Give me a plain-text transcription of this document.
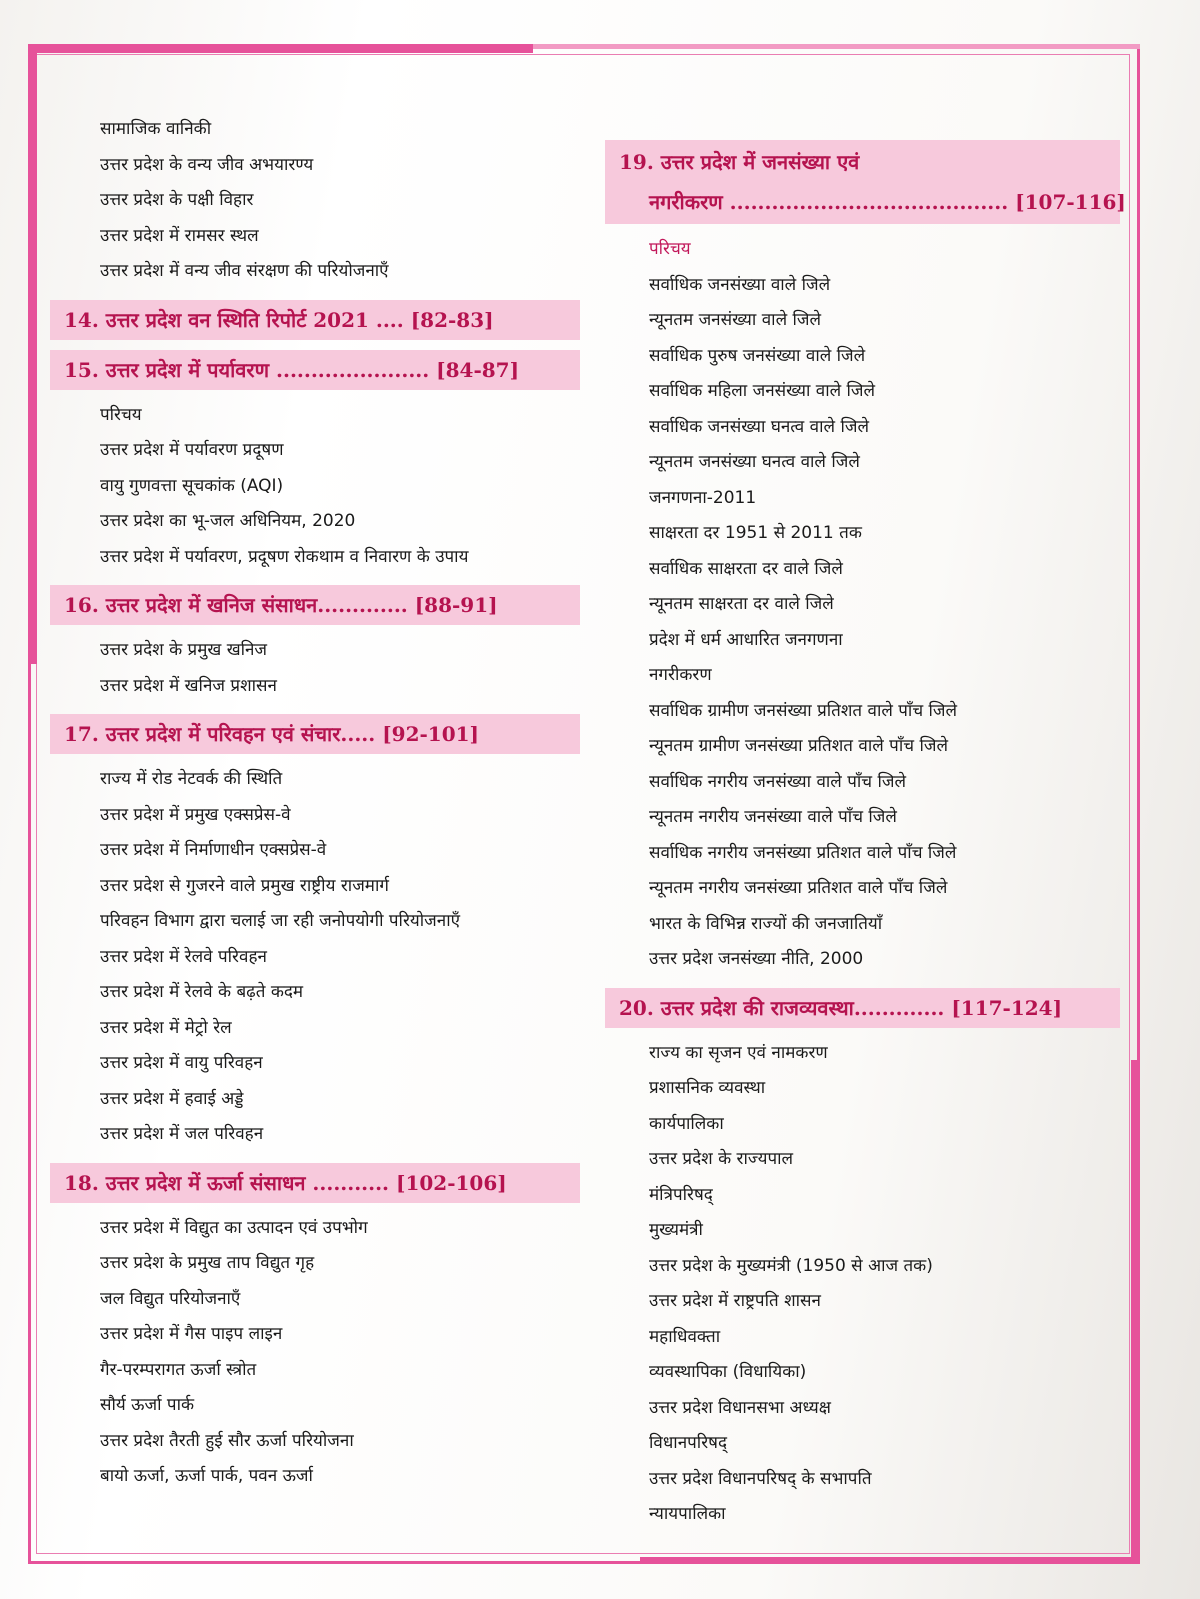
सामाजिक वानिकी
उत्तर प्रदेश के वन्य जीव अभयारण्य
उत्तर प्रदेश के पक्षी विहार
उत्तर प्रदेश में रामसर स्थल
उत्तर प्रदेश में वन्य जीव संरक्षण की परियोजनाएँ
14. उत्तर प्रदेश वन स्थिति रिपोर्ट 2021 .... [82-83]
15. उत्तर प्रदेश में पर्यावरण ...................... [84-87]
परिचय
उत्तर प्रदेश में पर्यावरण प्रदूषण
वायु गुणवत्ता सूचकांक (AQI)
उत्तर प्रदेश का भू-जल अधिनियम, 2020
उत्तर प्रदेश में पर्यावरण, प्रदूषण रोकथाम व निवारण के उपाय
16. उत्तर प्रदेश में खनिज संसाधन............. [88-91]
उत्तर प्रदेश के प्रमुख खनिज
उत्तर प्रदेश में खनिज प्रशासन
17. उत्तर प्रदेश में परिवहन एवं संचार..... [92-101]
राज्य में रोड नेटवर्क की स्थिति
उत्तर प्रदेश में प्रमुख एक्सप्रेस-वे
उत्तर प्रदेश में निर्माणाधीन एक्सप्रेस-वे
उत्तर प्रदेश से गुजरने वाले प्रमुख राष्ट्रीय राजमार्ग
परिवहन विभाग द्वारा चलाई जा रही जनोपयोगी परियोजनाएँ
उत्तर प्रदेश में रेलवे परिवहन
उत्तर प्रदेश में रेलवे के बढ़ते कदम
उत्तर प्रदेश में मेट्रो रेल
उत्तर प्रदेश में वायु परिवहन
उत्तर प्रदेश में हवाई अड्डे
उत्तर प्रदेश में जल परिवहन
18. उत्तर प्रदेश में ऊर्जा संसाधन ........... [102-106]
उत्तर प्रदेश में विद्युत का उत्पादन एवं उपभोग
उत्तर प्रदेश के प्रमुख ताप विद्युत गृह
जल विद्युत परियोजनाएँ
उत्तर प्रदेश में गैस पाइप लाइन
गैर-परम्परागत ऊर्जा स्त्रोत
सौर्य ऊर्जा पार्क
उत्तर प्रदेश तैरती हुई सौर ऊर्जा परियोजना
बायो ऊर्जा, ऊर्जा पार्क, पवन ऊर्जा
19. उत्तर प्रदेश में जनसंख्या एवं
नगरीकरण ........................................ [107-116]
परिचय
सर्वाधिक जनसंख्या वाले जिले
न्यूनतम जनसंख्या वाले जिले
सर्वाधिक पुरुष जनसंख्या वाले जिले
सर्वाधिक महिला जनसंख्या वाले जिले
सर्वाधिक जनसंख्या घनत्व वाले जिले
न्यूनतम जनसंख्या घनत्व वाले जिले
जनगणना-2011
साक्षरता दर 1951 से 2011 तक
सर्वाधिक साक्षरता दर वाले जिले
न्यूनतम साक्षरता दर वाले जिले
प्रदेश में धर्म आधारित जनगणना
नगरीकरण
सर्वाधिक ग्रामीण जनसंख्या प्रतिशत वाले पाँच जिले
न्यूनतम ग्रामीण जनसंख्या प्रतिशत वाले पाँच जिले
सर्वाधिक नगरीय जनसंख्या वाले पाँच जिले
न्यूनतम नगरीय जनसंख्या वाले पाँच जिले
सर्वाधिक नगरीय जनसंख्या प्रतिशत वाले पाँच जिले
न्यूनतम नगरीय जनसंख्या प्रतिशत वाले पाँच जिले
भारत के विभिन्न राज्यों की जनजातियाँ
उत्तर प्रदेश जनसंख्या नीति, 2000
20. उत्तर प्रदेश की राजव्यवस्था............. [117-124]
राज्य का सृजन एवं नामकरण
प्रशासनिक व्यवस्था
कार्यपालिका
उत्तर प्रदेश के राज्यपाल
मंत्रिपरिषद्
मुख्यमंत्री
उत्तर प्रदेश के मुख्यमंत्री (1950 से आज तक)
उत्तर प्रदेश में राष्ट्रपति शासन
महाधिवक्ता
व्यवस्थापिका (विधायिका)
उत्तर प्रदेश विधानसभा अध्यक्ष
विधानपरिषद्
उत्तर प्रदेश विधानपरिषद् के सभापति
न्यायपालिका
